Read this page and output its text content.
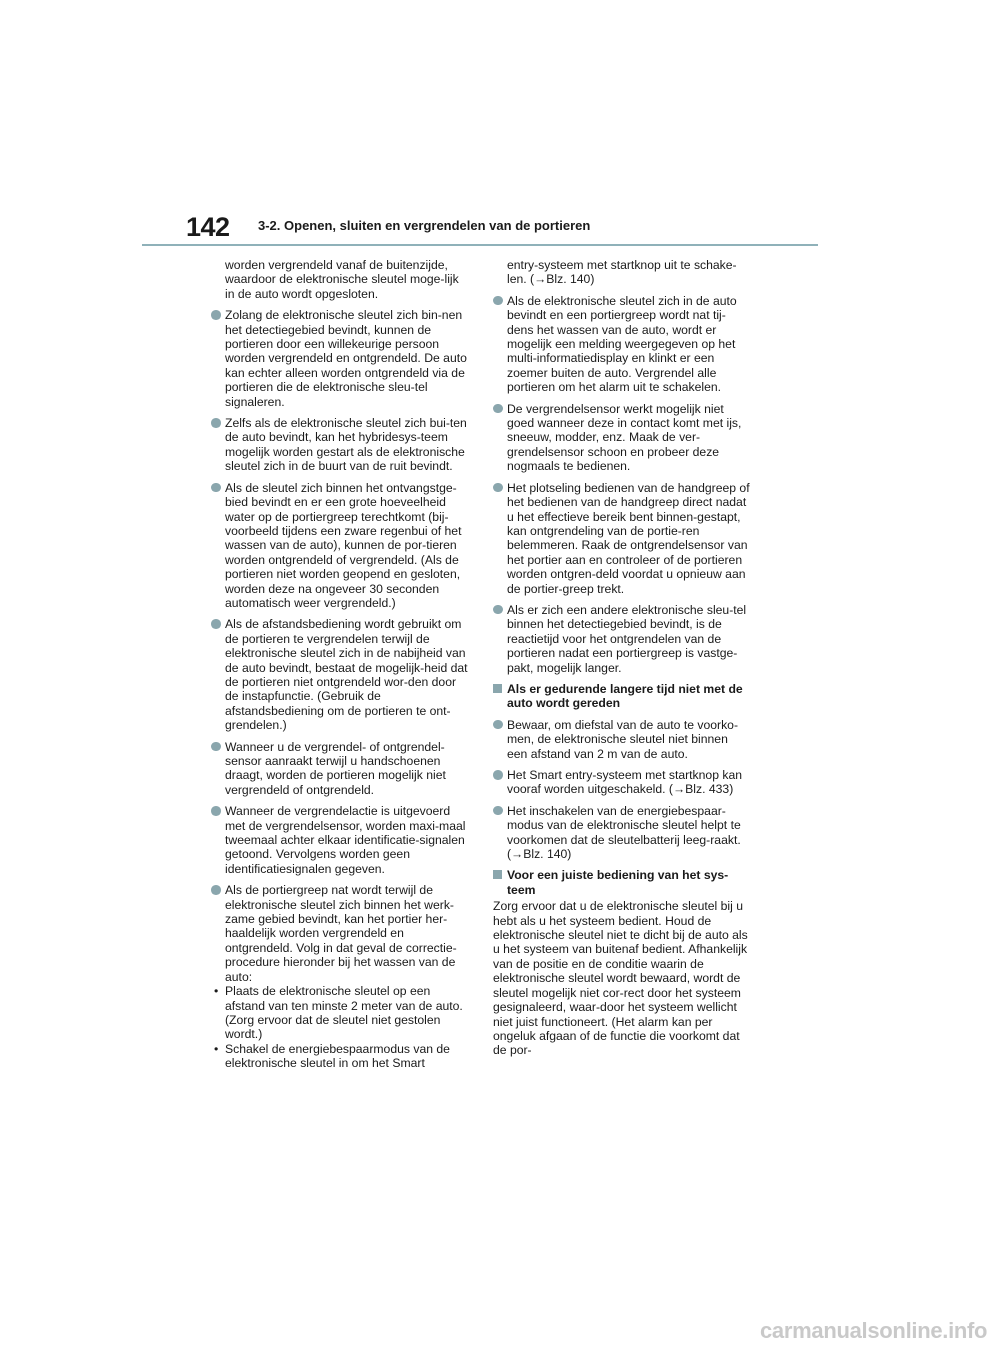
142 3-2. Openen, sluiten en vergrendelen van de portieren

worden vergrendeld vanaf de buitenzijde, waardoor de elektronische sleutel moge-lijk in de auto wordt opgesloten.

Zolang de elektronische sleutel zich bin-nen het detectiegebied bevindt, kunnen de portieren door een willekeurige persoon worden vergrendeld en ontgrendeld. De auto kan echter alleen worden ontgrendeld via de portieren die de elektronische sleu-tel signaleren.
Zelfs als de elektronische sleutel zich bui-ten de auto bevindt, kan het hybridesys-teem mogelijk worden gestart als de elektronische sleutel zich in de buurt van de ruit bevindt.
Als de sleutel zich binnen het ontvangstge-bied bevindt en er een grote hoeveelheid water op de portiergreep terechtkomt (bij-voorbeeld tijdens een zware regenbui of het wassen van de auto), kunnen de por-tieren worden ontgrendeld of vergrendeld. (Als de portieren niet worden geopend en gesloten, worden deze na ongeveer 30 seconden automatisch weer vergrendeld.)
Als de afstandsbediening wordt gebruikt om de portieren te vergrendelen terwijl de elektronische sleutel zich in de nabijheid van de auto bevindt, bestaat de mogelijk-heid dat de portieren niet ontgrendeld wor-den door de instapfunctie. (Gebruik de afstandsbediening om de portieren te ont-grendelen.)
Wanneer u de vergrendel- of ontgrendel-sensor aanraakt terwijl u handschoenen draagt, worden de portieren mogelijk niet vergrendeld of ontgrendeld.
Wanneer de vergrendelactie is uitgevoerd met de vergrendelsensor, worden maxi-maal tweemaal achter elkaar identificatie-signalen getoond. Vervolgens worden geen identificatiesignalen gegeven.
Als de portiergreep nat wordt terwijl de elektronische sleutel zich binnen het werk-zame gebied bevindt, kan het portier her-haaldelijk worden vergrendeld en ontgrendeld. Volg in dat geval de correctie-procedure hieronder bij het wassen van de auto:

• Plaats de elektronische sleutel op een afstand van ten minste 2 meter van de auto. (Zorg ervoor dat de sleutel niet gestolen wordt.)

• Schakel de energiebespaarmodus van de elektronische sleutel in om het Smart

entry-systeem met startknop uit te schake-len. (→Blz. 140)

Als de elektronische sleutel zich in de auto bevindt en een portiergreep wordt nat tij-dens het wassen van de auto, wordt er mogelijk een melding weergegeven op het multi-informatiedisplay en klinkt er een zoemer buiten de auto. Vergrendel alle portieren om het alarm uit te schakelen.
De vergrendelsensor werkt mogelijk niet goed wanneer deze in contact komt met ijs, sneeuw, modder, enz. Maak de ver-grendelsensor schoon en probeer deze nogmaals te bedienen.
Het plotseling bedienen van de handgreep of het bedienen van de handgreep direct nadat u het effectieve bereik bent binnen-gestapt, kan ontgrendeling van de portie-ren belemmeren. Raak de ontgrendelsensor van het portier aan en controleer of de portieren worden ontgren-deld voordat u opnieuw aan de portier-greep trekt.
Als er zich een andere elektronische sleu-tel binnen het detectiegebied bevindt, is de reactietijd voor het ontgrendelen van de portieren nadat een portiergreep is vastge-pakt, mogelijk langer.
Als er gedurende langere tijd niet met de auto wordt gereden
Bewaar, om diefstal van de auto te voorko-men, de elektronische sleutel niet binnen een afstand van 2 m van de auto.
Het Smart entry-systeem met startknop kan vooraf worden uitgeschakeld. (→Blz. 433)
Het inschakelen van de energiebespaar-modus van de elektronische sleutel helpt te voorkomen dat de sleutelbatterij leeg-raakt. (→Blz. 140)
Voor een juiste bediening van het sys-teem

Zorg ervoor dat u de elektronische sleutel bij u hebt als u het systeem bedient. Houd de elektronische sleutel niet te dicht bij de auto als u het systeem van buitenaf bedient. Afhankelijk van de positie en de conditie waarin de elektronische sleutel wordt bewaard, wordt de sleutel mogelijk niet cor-rect door het systeem gesignaleerd, waar-door het systeem wellicht niet juist functioneert. (Het alarm kan per ongeluk afgaan of de functie die voorkomt dat de por-

carmanualsonline.info
